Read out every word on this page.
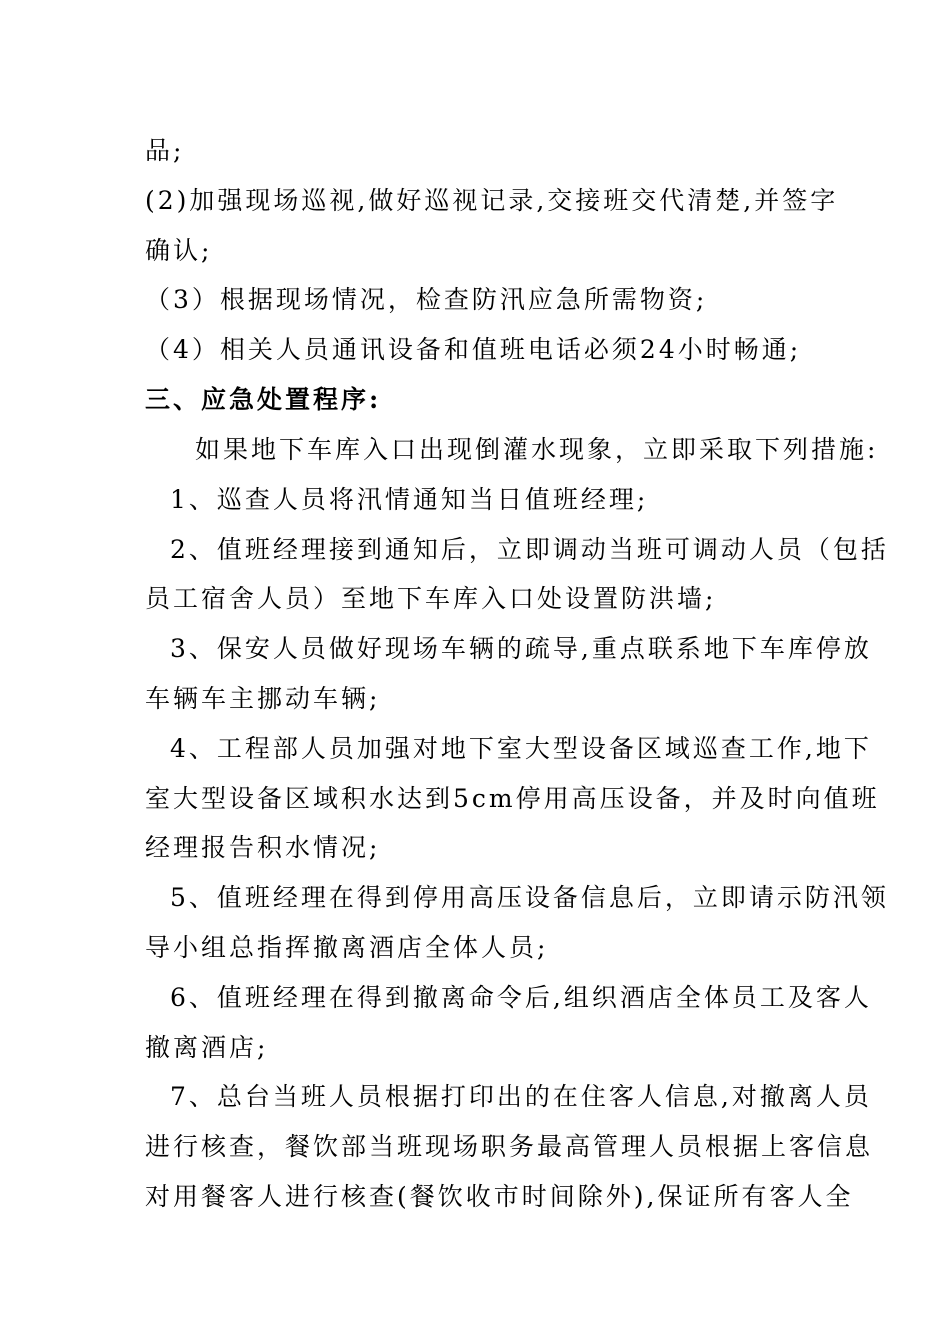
品;
(2)加强现场巡视,做好巡视记录,交接班交代清楚,并签字
确认;
（3）根据现场情况，检查防汛应急所需物资;
（4）相关人员通讯设备和值班电话必须24小时畅通;
三、应急处置程序:
如果地下车库入口出现倒灌水现象，立即采取下列措施:
1、巡查人员将汛情通知当日值班经理;
2、值班经理接到通知后，立即调动当班可调动人员（包括
员工宿舍人员）至地下车库入口处设置防洪墙;
3、保安人员做好现场车辆的疏导,重点联系地下车库停放
车辆车主挪动车辆;
4、工程部人员加强对地下室大型设备区域巡查工作,地下
室大型设备区域积水达到5cm停用高压设备，并及时向值班
经理报告积水情况;
5、值班经理在得到停用高压设备信息后，立即请示防汛领
导小组总指挥撤离酒店全体人员;
6、值班经理在得到撤离命令后,组织酒店全体员工及客人
撤离酒店;
7、总台当班人员根据打印出的在住客人信息,对撤离人员
进行核查，餐饮部当班现场职务最高管理人员根据上客信息
对用餐客人进行核查(餐饮收市时间除外),保证所有客人全
